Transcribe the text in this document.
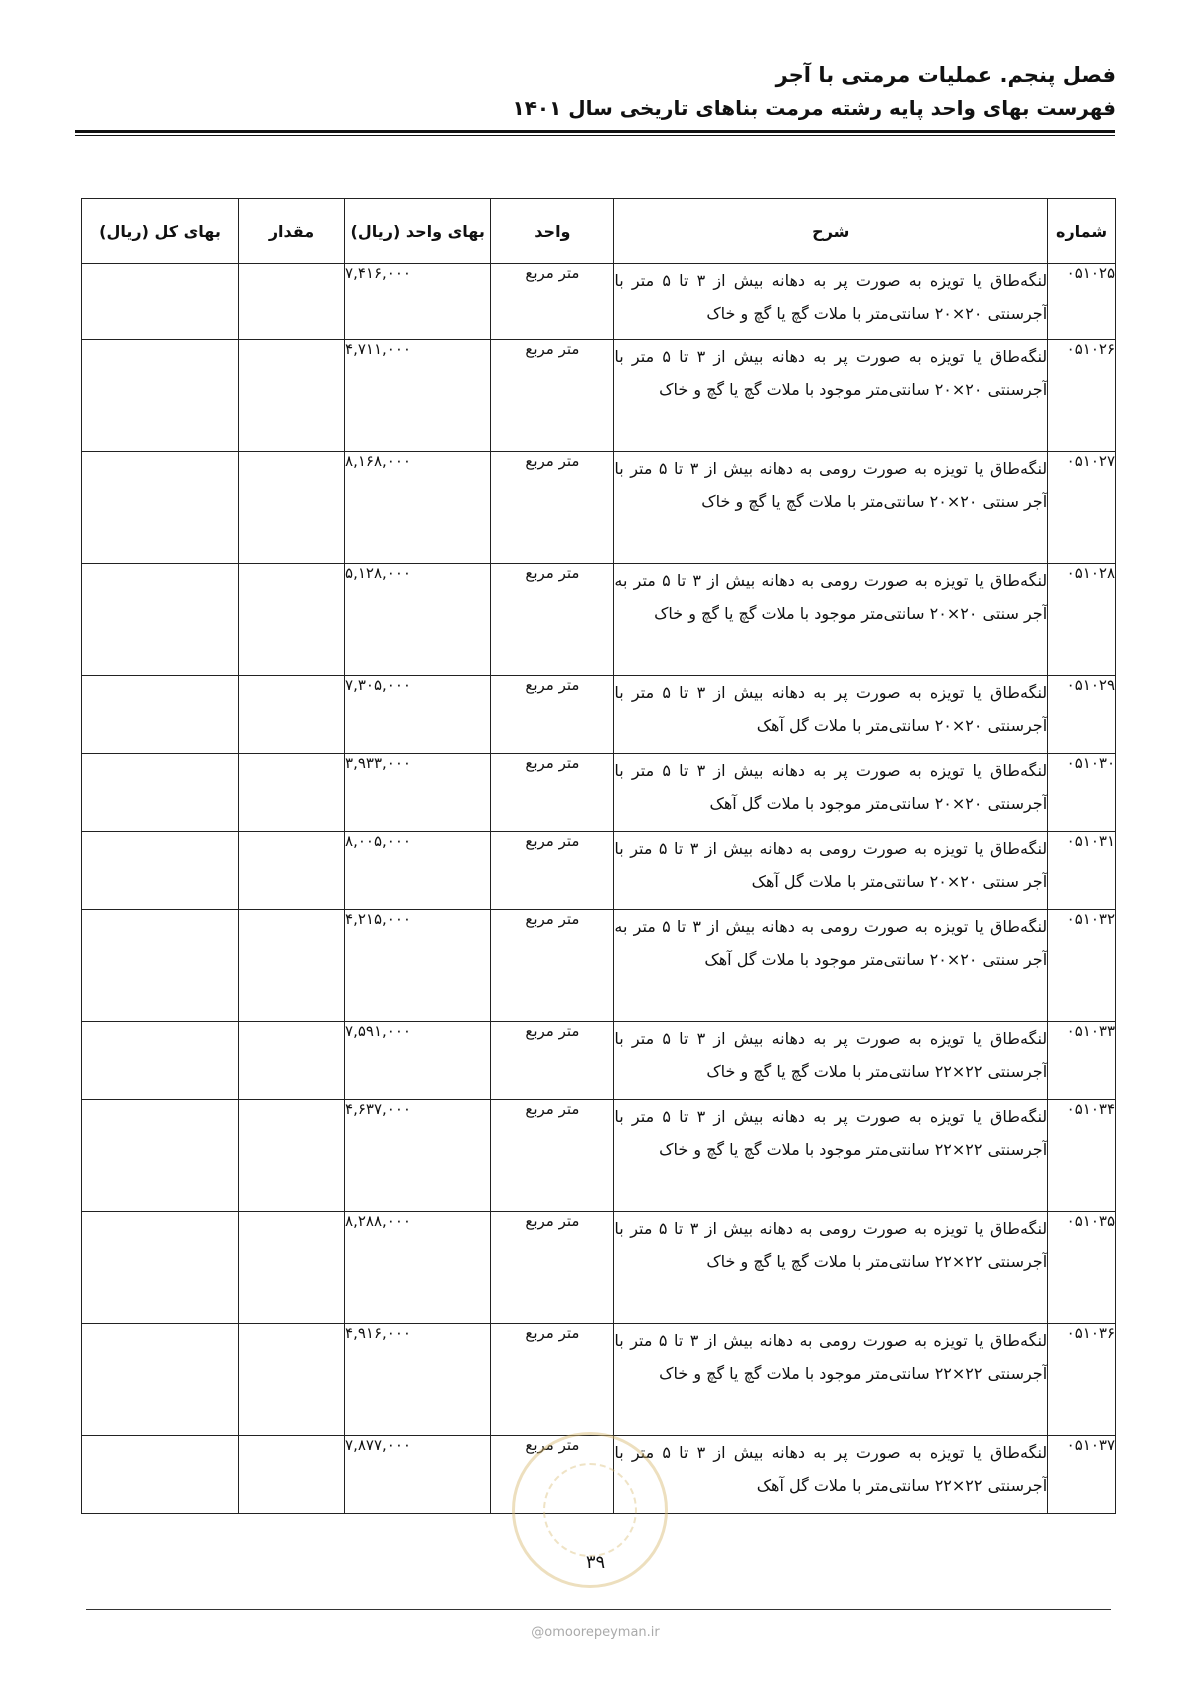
فصل پنجم. عملیات مرمتی با آجر
فهرست بهای واحد پایه رشته مرمت بناهای تاریخی سال ۱۴۰۱
شماره	شرح	واحد	بهای واحد (ریال)	مقدار	بهای کل (ریال)
۰۵۱۰۲۵	لنگه‌طاق یا تویزه به صورت پر به دهانه بیش از ۳ تا ۵ متر با آجرسنتی ۲۰×۲۰ سانتی‌متر با ملات گچ یا گچ و خاک	متر مربع	۷,۴۱۶,۰۰۰		
۰۵۱۰۲۶	لنگه‌طاق یا تویزه به صورت پر به دهانه بیش از ۳ تا ۵ متر با آجرسنتی ۲۰×۲۰ سانتی‌متر موجود با ملات گچ یا گچ و خاک	متر مربع	۴,۷۱۱,۰۰۰		
۰۵۱۰۲۷	لنگه‌طاق یا تویزه به صورت رومی به دهانه بیش از ۳ تا ۵ متر با آجر سنتی ۲۰×۲۰ سانتی‌متر با ملات گچ یا گچ و خاک	متر مربع	۸,۱۶۸,۰۰۰		
۰۵۱۰۲۸	لنگه‌طاق یا تویزه به صورت رومی به دهانه بیش از ۳ تا ۵ متر به آجر سنتی ۲۰×۲۰ سانتی‌متر موجود با ملات گچ یا گچ و خاک	متر مربع	۵,۱۲۸,۰۰۰		
۰۵۱۰۲۹	لنگه‌طاق یا تویزه به صورت پر به دهانه بیش از ۳ تا ۵ متر با آجرسنتی ۲۰×۲۰ سانتی‌متر با ملات گل آهک	متر مربع	۷,۳۰۵,۰۰۰		
۰۵۱۰۳۰	لنگه‌طاق یا تویزه به صورت پر به دهانه بیش از ۳ تا ۵ متر با آجرسنتی ۲۰×۲۰ سانتی‌متر موجود با ملات گل آهک	متر مربع	۳,۹۳۳,۰۰۰		
۰۵۱۰۳۱	لنگه‌طاق یا تویزه به صورت رومی به دهانه بیش از ۳ تا ۵ متر با آجر سنتی ۲۰×۲۰ سانتی‌متر با ملات گل آهک	متر مربع	۸,۰۰۵,۰۰۰		
۰۵۱۰۳۲	لنگه‌طاق یا تویزه به صورت رومی به دهانه بیش از ۳ تا ۵ متر به آجر سنتی ۲۰×۲۰ سانتی‌متر موجود با ملات گل آهک	متر مربع	۴,۲۱۵,۰۰۰		
۰۵۱۰۳۳	لنگه‌طاق یا تویزه به صورت پر به دهانه بیش از ۳ تا ۵ متر با آجرسنتی ۲۲×۲۲ سانتی‌متر با ملات گچ یا گچ و خاک	متر مربع	۷,۵۹۱,۰۰۰		
۰۵۱۰۳۴	لنگه‌طاق یا تویزه به صورت پر به دهانه بیش از ۳ تا ۵ متر با آجرسنتی ۲۲×۲۲ سانتی‌متر موجود با ملات گچ یا گچ و خاک	متر مربع	۴,۶۳۷,۰۰۰		
۰۵۱۰۳۵	لنگه‌طاق یا تویزه به صورت رومی به دهانه بیش از ۳ تا ۵ متر با آجرسنتی ۲۲×۲۲ سانتی‌متر با ملات گچ یا گچ و خاک	متر مربع	۸,۲۸۸,۰۰۰		
۰۵۱۰۳۶	لنگه‌طاق یا تویزه به صورت رومی به دهانه بیش از ۳ تا ۵ متر با آجرسنتی ۲۲×۲۲ سانتی‌متر موجود با ملات گچ یا گچ و خاک	متر مربع	۴,۹۱۶,۰۰۰		
۰۵۱۰۳۷	لنگه‌طاق یا تویزه به صورت پر به دهانه بیش از ۳ تا ۵ متر با آجرسنتی ۲۲×۲۲ سانتی‌متر با ملات گل آهک	متر مربع	۷,۸۷۷,۰۰۰		
۳۹
@omoorepeyman.ir
